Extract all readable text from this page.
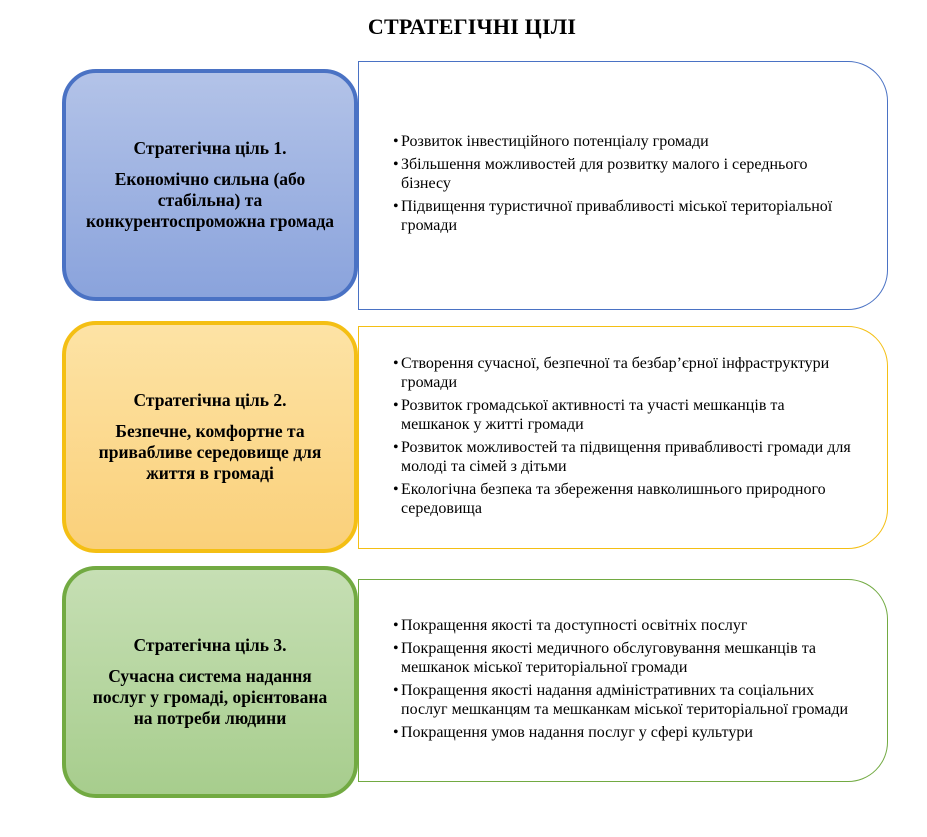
СТРАТЕГІЧНІ ЦІЛІ
Стратегічна ціль 1.
Економічно сильна (або стабільна) та конкурентоспроможна громада
• Розвиток інвестиційного потенціалу громади
• Збільшення можливостей для розвитку малого і середнього бізнесу
• Підвищення туристичної привабливості міської територіальної громади
Стратегічна ціль 2.
Безпечне, комфортне та привабливе середовище для життя в громаді
• Створення сучасної, безпечної та безбар’єрної інфраструктури громади
• Розвиток громадської активності та участі мешканців та мешканок у житті громади
• Розвиток можливостей та підвищення привабливості громади для молоді та сімей з дітьми
• Екологічна безпека та збереження навколишнього природного середовища
Стратегічна ціль 3.
Сучасна система надання послуг у громаді, орієнтована на потреби людини
• Покращення якості та доступності освітніх послуг
• Покращення якості медичного обслуговування мешканців та мешканок міської територіальної громади
• Покращення якості надання адміністративних та соціальних послуг мешканцям та мешканкам міської територіальної громади
• Покращення умов надання послуг у сфері культури
